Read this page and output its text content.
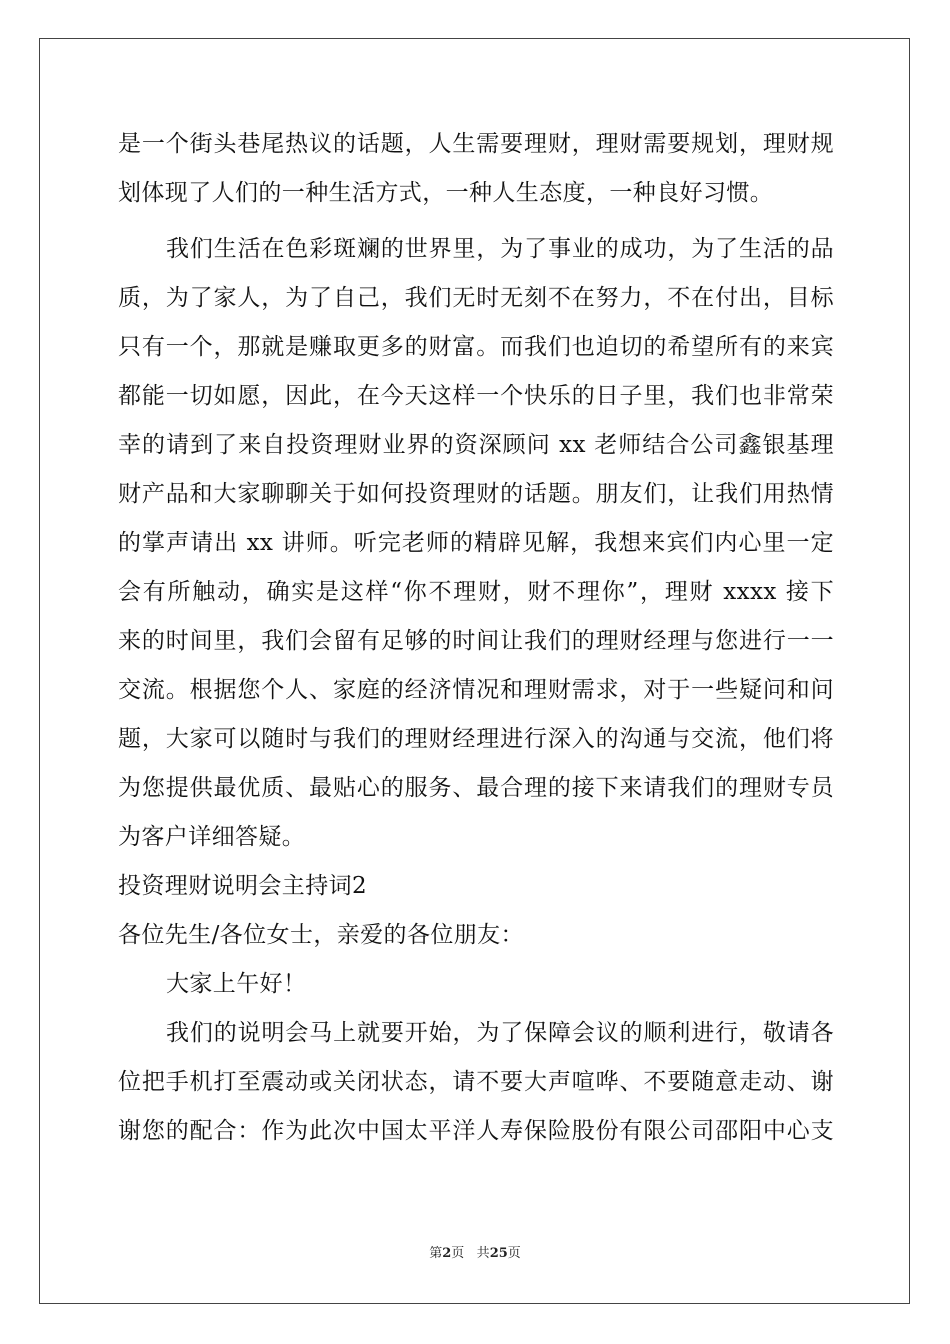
是一个街头巷尾热议的话题，人生需要理财，理财需要规划，理财规
划体现了人们的一种生活方式，一种人生态度，一种良好习惯。
我们生活在色彩斑斓的世界里，为了事业的成功，为了生活的品
质，为了家人，为了自己，我们无时无刻不在努力，不在付出，目标
只有一个，那就是赚取更多的财富。而我们也迫切的希望所有的来宾
都能一切如愿，因此，在今天这样一个快乐的日子里，我们也非常荣
幸的请到了来自投资理财业界的资深顾问 xx 老师结合公司鑫银基理
财产品和大家聊聊关于如何投资理财的话题。朋友们，让我们用热情
的掌声请出 xx 讲师。听完老师的精辟见解，我想来宾们内心里一定
会有所触动，确实是这样“你不理财，财不理你”，理财 xxxx 接下
来的时间里，我们会留有足够的时间让我们的理财经理与您进行一一
交流。根据您个人、家庭的经济情况和理财需求，对于一些疑问和问
题，大家可以随时与我们的理财经理进行深入的沟通与交流，他们将
为您提供最优质、最贴心的服务、最合理的接下来请我们的理财专员
为客户详细答疑。
投资理财说明会主持词2
各位先生/各位女士，亲爱的各位朋友：
大家上午好！
我们的说明会马上就要开始，为了保障会议的顺利进行，敬请各
位把手机打至震动或关闭状态，请不要大声喧哗、不要随意走动、谢
谢您的配合：作为此次中国太平洋人寿保险股份有限公司邵阳中心支
第2页 共25页
